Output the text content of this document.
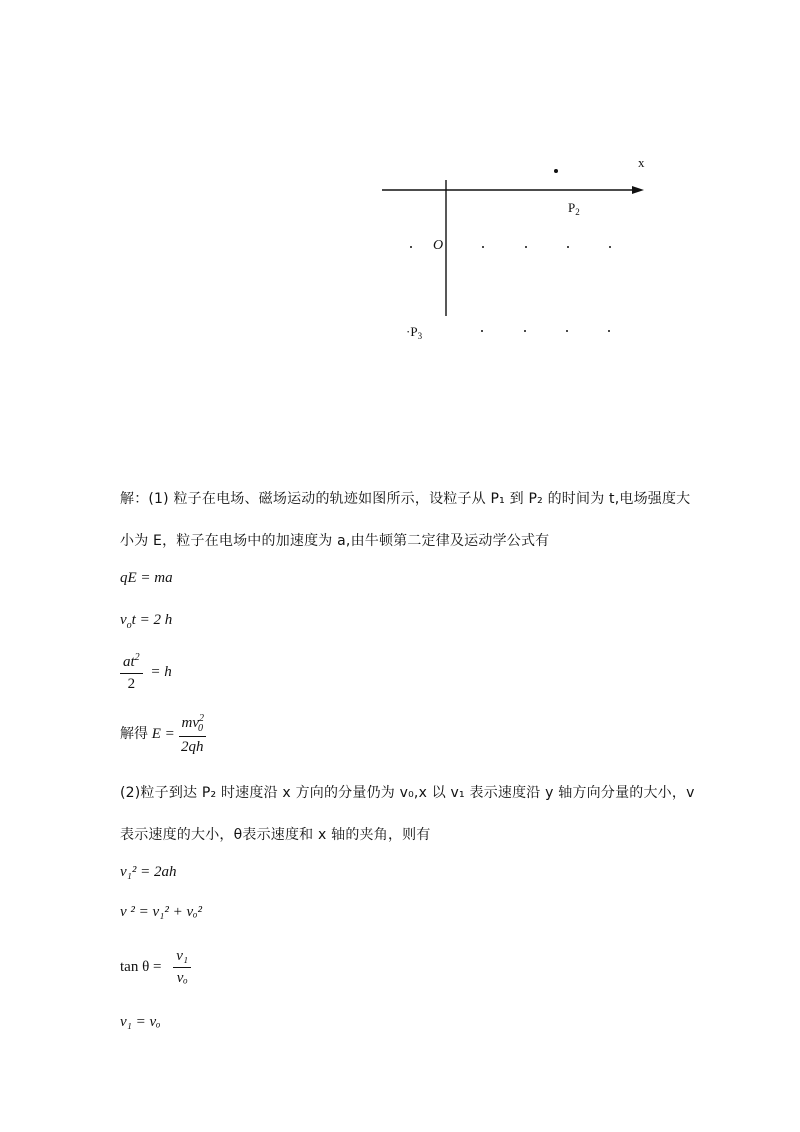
x
$P_2$
O
$\cdot P_3$
解：(1) 粒子在电场、磁场运动的轨迹如图所示，设粒子从 P₁ 到 P₂ 的时间为 t,电场强度大
小为 E，粒子在电场中的加速度为 a,由牛顿第二定律及运动学公式有
qE = ma
$v_ot = 2$ h
$\frac{at^2}{2} = h$
解得 $E = \frac{mv^2_0}{2qh}$
(2)粒子到达 P₂ 时速度沿 x 方向的分量仍为 v₀,x 以 v₁ 表示速度沿 y 轴方向分量的大小，v
表示速度的大小，θ表示速度和 x 轴的夹角，则有
v₁² = 2ah
v ² = v₁² + vₒ²
$\tan \theta = \frac{\text{v₁}}{\text{vₒ}}$
v₁ = vₒ
